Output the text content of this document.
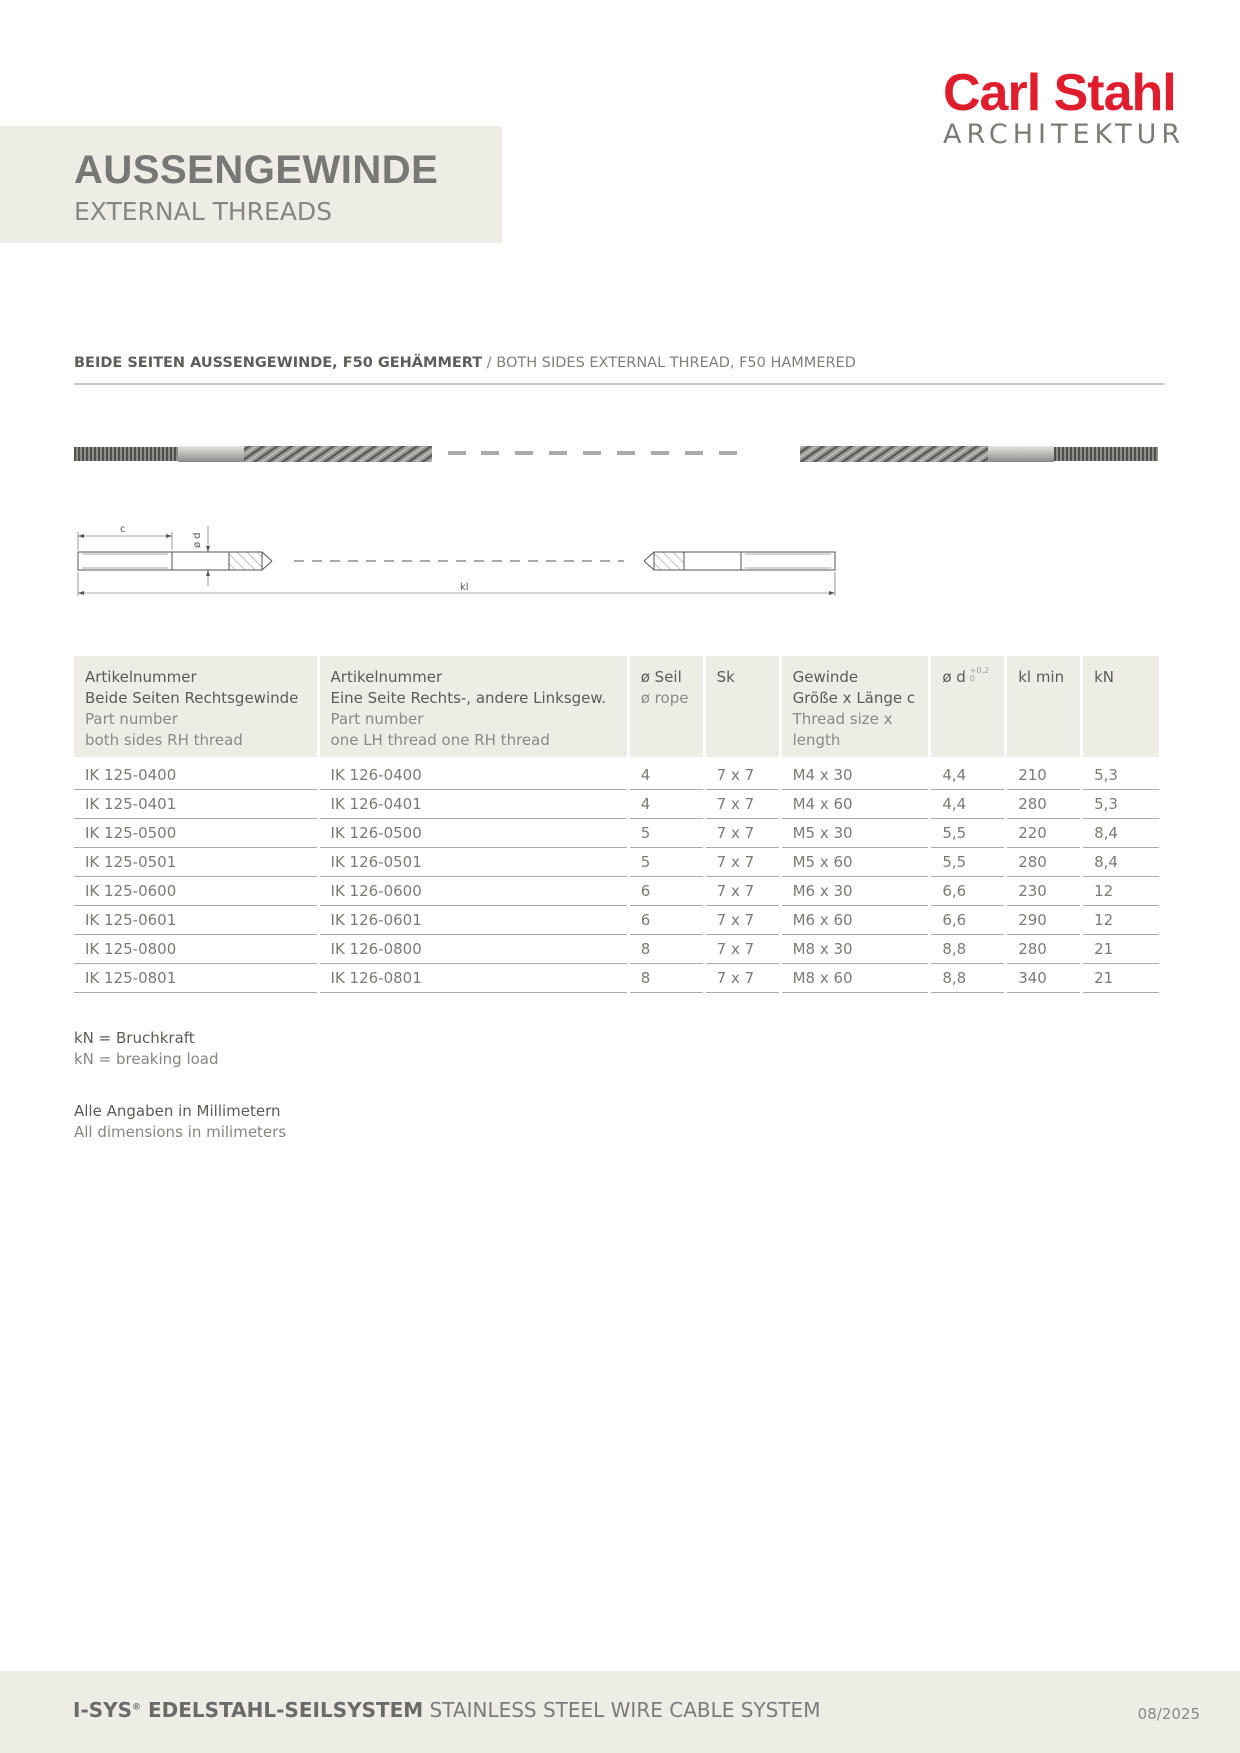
Carl Stahl
ARCHITEKTUR
AUSSENGEWINDE
EXTERNAL THREADS
BEIDE SEITEN AUSSENGEWINDE, F50 GEHÄMMERT / BOTH SIDES EXTERNAL THREAD, F50 HAMMERED
c
ø d
kl
Artikelnummer
Beide Seiten Rechtsgewinde
Part number
both sides RH thread	Artikelnummer
Eine Seite Rechts-, andere Linksgew.
Part number
one LH thread one RH thread	ø Seil
ø rope	Sk	Gewinde
Größe x Länge c
Thread size x
length	ø d +0,2
0	kl min	kN

IK 125-0400	IK 126-0400	4	7 x 7	M4 x 30	4,4	210	5,3
IK 125-0401	IK 126-0401	4	7 x 7	M4 x 60	4,4	280	5,3
IK 125-0500	IK 126-0500	5	7 x 7	M5 x 30	5,5	220	8,4
IK 125-0501	IK 126-0501	5	7 x 7	M5 x 60	5,5	280	8,4
IK 125-0600	IK 126-0600	6	7 x 7	M6 x 30	6,6	230	12
IK 125-0601	IK 126-0601	6	7 x 7	M6 x 60	6,6	290	12
IK 125-0800	IK 126-0800	8	7 x 7	M8 x 30	8,8	280	21
IK 125-0801	IK 126-0801	8	7 x 7	M8 x 60	8,8	340	21
kN = Bruchkraft
kN = breaking load
Alle Angaben in Millimetern
All dimensions in milimeters
I-SYS® EDELSTAHL-SEILSYSTEM STAINLESS STEEL WIRE CABLE SYSTEM	08/2025
